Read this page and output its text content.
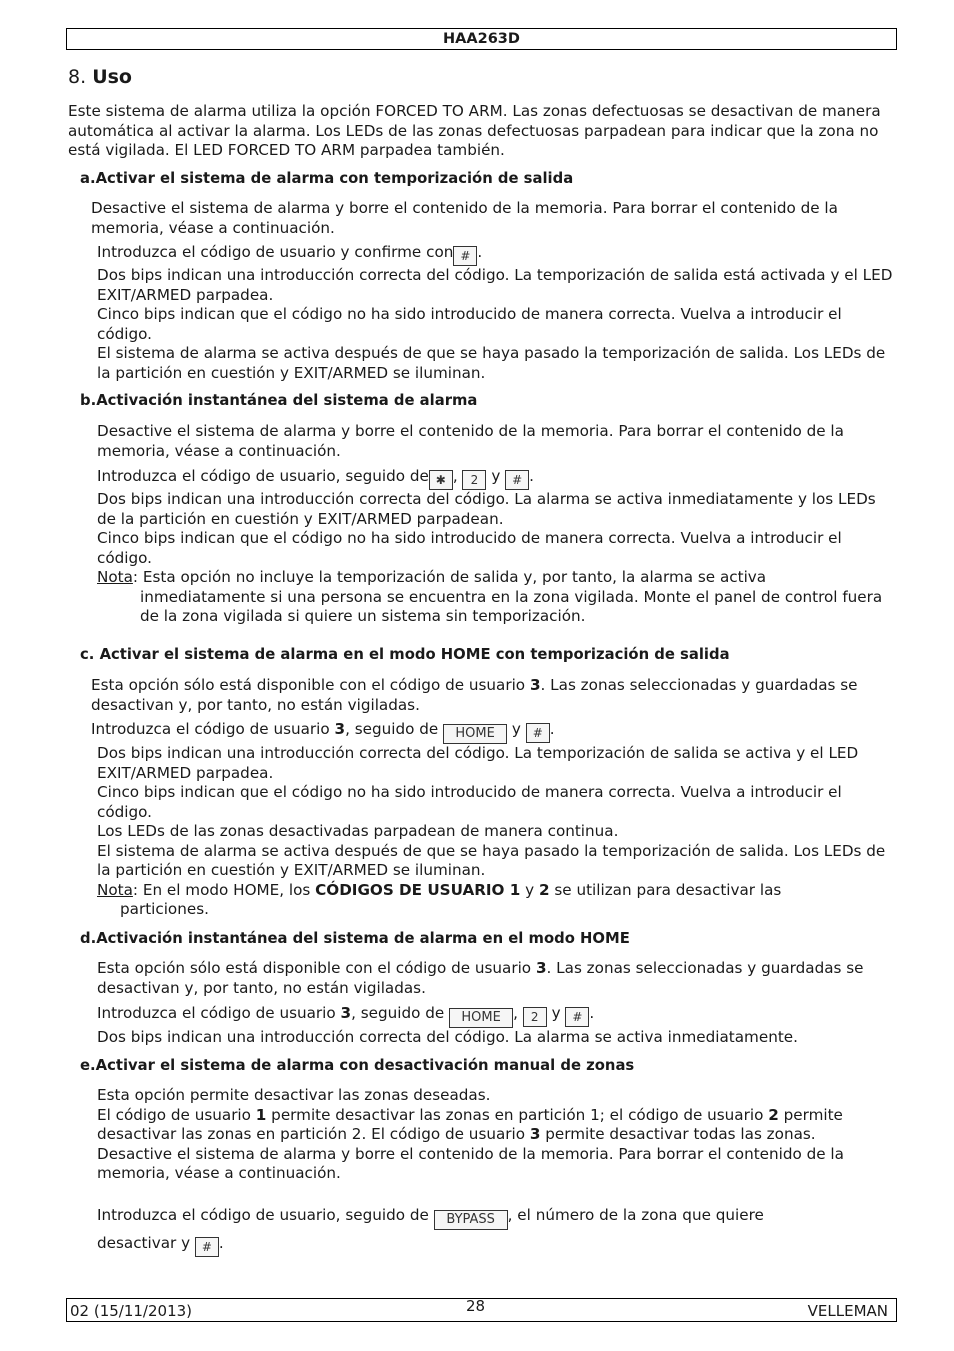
HAA263D
8. Uso

Este sistema de alarma utiliza la opción FORCED TO ARM. Las zonas defectuosas se desactivan de manera automática al activar la alarma. Los LEDs de las zonas defectuosas parpadean para indicar que la zona no está vigilada. El LED FORCED TO ARM parpadea también.

a.Activar el sistema de alarma con temporización de salida

Desactive el sistema de alarma y borre el contenido de la memoria. Para borrar el contenido de la memoria, véase a continuación.

Introduzca el código de usuario y confirme con # .
Dos bips indican una introducción correcta del código. La temporización de salida está activada y el LED EXIT/ARMED parpadea.
Cinco bips indican que el código no ha sido introducido de manera correcta. Vuelva a introducir el código.
El sistema de alarma se activa después de que se haya pasado la temporización de salida. Los LEDs de la partición en cuestión y EXIT/ARMED se iluminan.

b.Activación instantánea del sistema de alarma

Desactive el sistema de alarma y borre el contenido de la memoria. Para borrar el contenido de la memoria, véase a continuación.

Introduzca el código de usuario, seguido de ✱ , 2 y # .
Dos bips indican una introducción correcta del código. La alarma se activa inmediatamente y los LEDs de la partición en cuestión y EXIT/ARMED parpadean.
Cinco bips indican que el código no ha sido introducido de manera correcta. Vuelva a introducir el código.
Nota: Esta opción no incluye la temporización de salida y, por tanto, la alarma se activa
inmediatamente si una persona se encuentra en la zona vigilada. Monte el panel de control fuera de la zona vigilada si quiere un sistema sin temporización.

c. Activar el sistema de alarma en el modo HOME con temporización de salida

Esta opción sólo está disponible con el código de usuario 3. Las zonas seleccionadas y guardadas se desactivan y, por tanto, no están vigiladas.

Introduzca el código de usuario 3, seguido de HOME y # .

Dos bips indican una introducción correcta del código. La temporización de salida se activa y el LED EXIT/ARMED parpadea.
Cinco bips indican que el código no ha sido introducido de manera correcta. Vuelva a introducir el código.
Los LEDs de las zonas desactivadas parpadean de manera continua.
El sistema de alarma se activa después de que se haya pasado la temporización de salida. Los LEDs de la partición en cuestión y EXIT/ARMED se iluminan.
Nota: En el modo HOME, los CÓDIGOS DE USUARIO 1 y 2 se utilizan para desactivar las
particiones.

d.Activación instantánea del sistema de alarma en el modo HOME

Esta opción sólo está disponible con el código de usuario 3. Las zonas seleccionadas y guardadas se desactivan y, por tanto, no están vigiladas.

Introduzca el código de usuario 3, seguido de HOME , 2 y # .
Dos bips indican una introducción correcta del código. La alarma se activa inmediatamente.

e.Activar el sistema de alarma con desactivación manual de zonas

Esta opción permite desactivar las zonas deseadas.
El código de usuario 1 permite desactivar las zonas en partición 1; el código de usuario 2 permite desactivar las zonas en partición 2. El código de usuario 3 permite desactivar todas las zonas.
Desactive el sistema de alarma y borre el contenido de la memoria. Para borrar el contenido de la memoria, véase a continuación.

Introduzca el código de usuario, seguido de BYPASS , el número de la zona que quiere

desactivar y # .

02 (15/11/2013)	VELLEMAN
28
